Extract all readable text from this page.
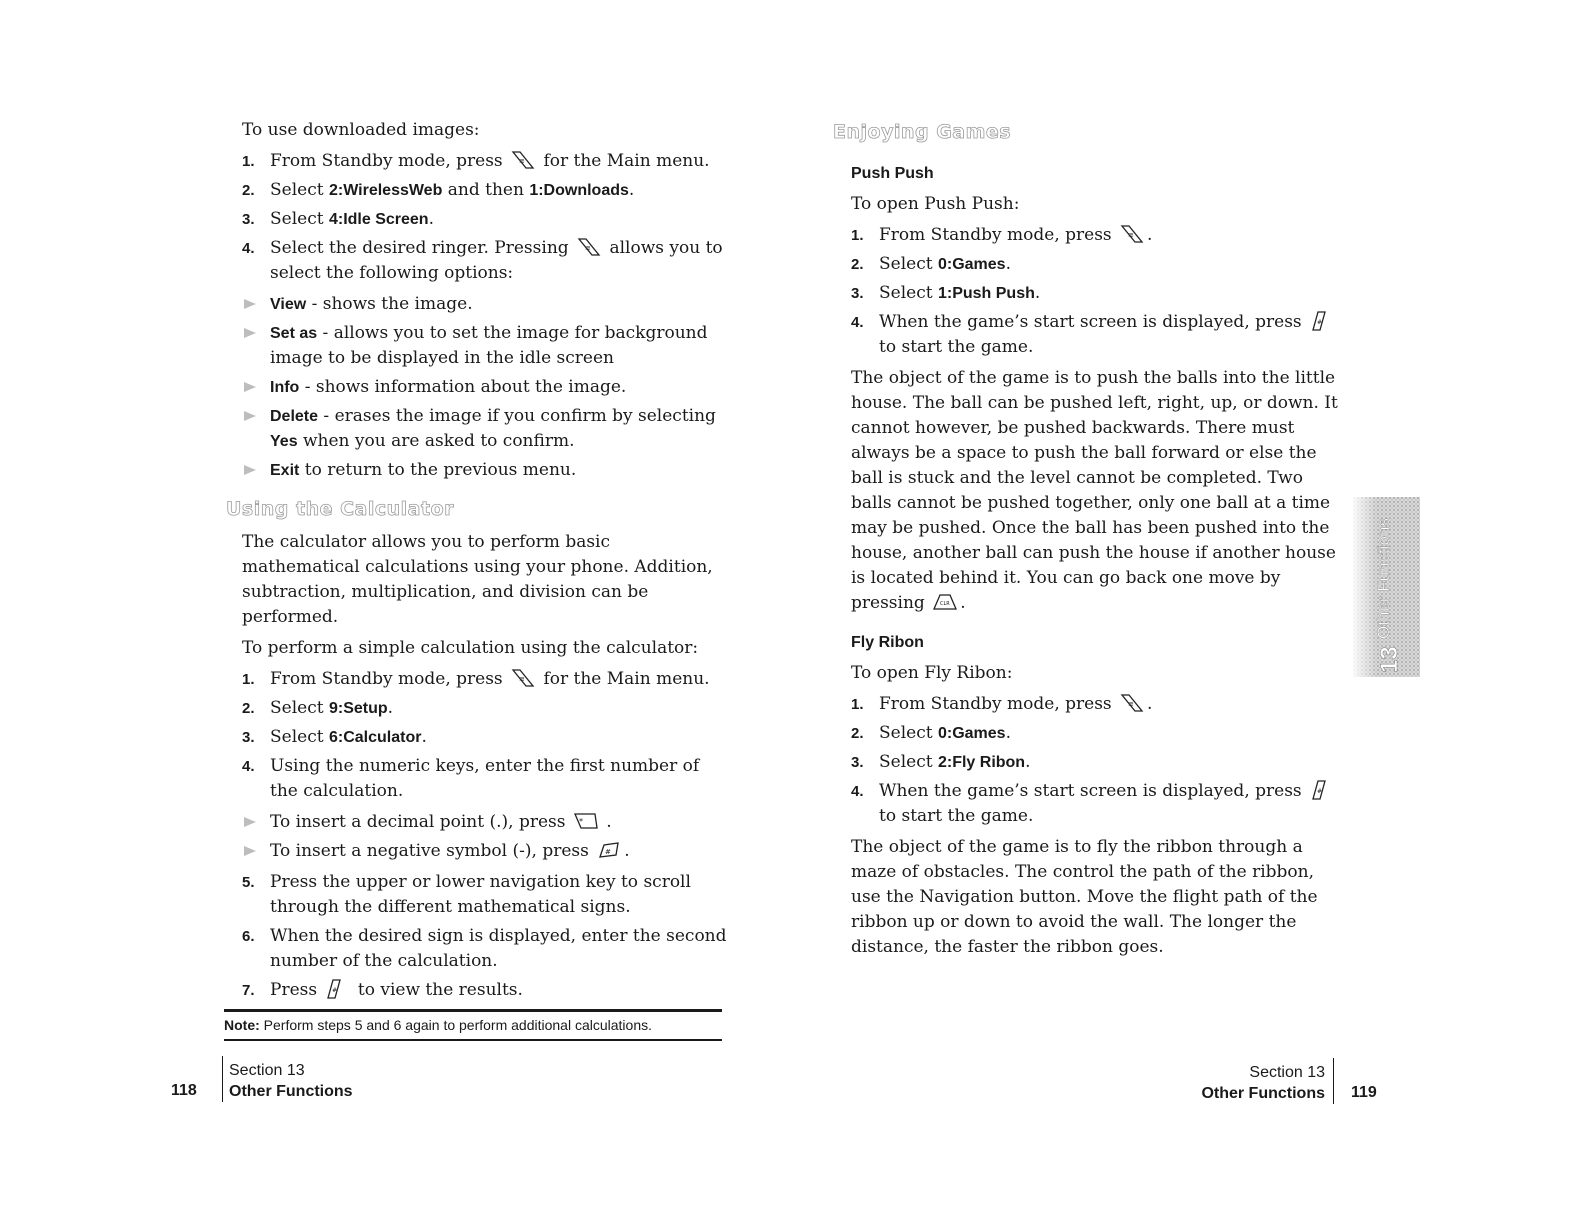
To use downloaded images:

1. From Standby mode, press  for the Main menu.
2. Select 2:WirelessWeb and then 1:Downloads.
3. Select 4:Idle Screen.
4. Select the desired ringer. Pressing  allows you to select the following options:
View - shows the image.
Set as - allows you to set the image for background image to be displayed in the idle screen
Info - shows information about the image.
Delete - erases the image if you confirm by selecting Yes when you are asked to confirm.
Exit to return to the previous menu.
Using the Calculator

The calculator allows you to perform basic mathematical calculations using your phone. Addition, subtraction, multiplication, and division can be performed.

To perform a simple calculation using the calculator:

1. From Standby mode, press  for the Main menu.
2. Select 9:Setup.
3. Select 6:Calculator.
4. Using the numeric keys, enter the first number of the calculation.
To insert a decimal point (.), press  .
To insert a negative symbol (-), press .
5. Press the upper or lower navigation key to scroll through the different mathematical signs.
6. When the desired sign is displayed, enter the second number of the calculation.
7. Press  to view the results.
Note: Perform steps 5 and 6 again to perform additional calculations.
Enjoying Games
Push Push

To open Push Push:

1. From Standby mode, press .
2. Select 0:Games.
3. Select 1:Push Push.
4. When the game’s start screen is displayed, press  to start the game.

The object of the game is to push the balls into the little house. The ball can be pushed left, right, up, or down. It cannot however, be pushed backwards. There must always be a space to push the ball forward or else the ball is stuck and the level cannot be completed. Two balls cannot be pushed together, only one ball at a time may be pushed. Once the ball has been pushed into the house, another ball can push the house if another house is located behind it. You can go back one move by pressing .

Fly Ribon

To open Fly Ribon:

1. From Standby mode, press .
2. Select 0:Games.
3. Select 2:Fly Ribon.
4. When the game’s start screen is displayed, press  to start the game.

The object of the game is to fly the ribbon through a maze of obstacles. The control the path of the ribbon, use the Navigation button. Move the flight path of the ribbon up or down to avoid the wall. The longer the distance, the faster the ribbon goes.

Other Functions
13
118
Section 13
Other Functions
Section 13
Other Functions 119
